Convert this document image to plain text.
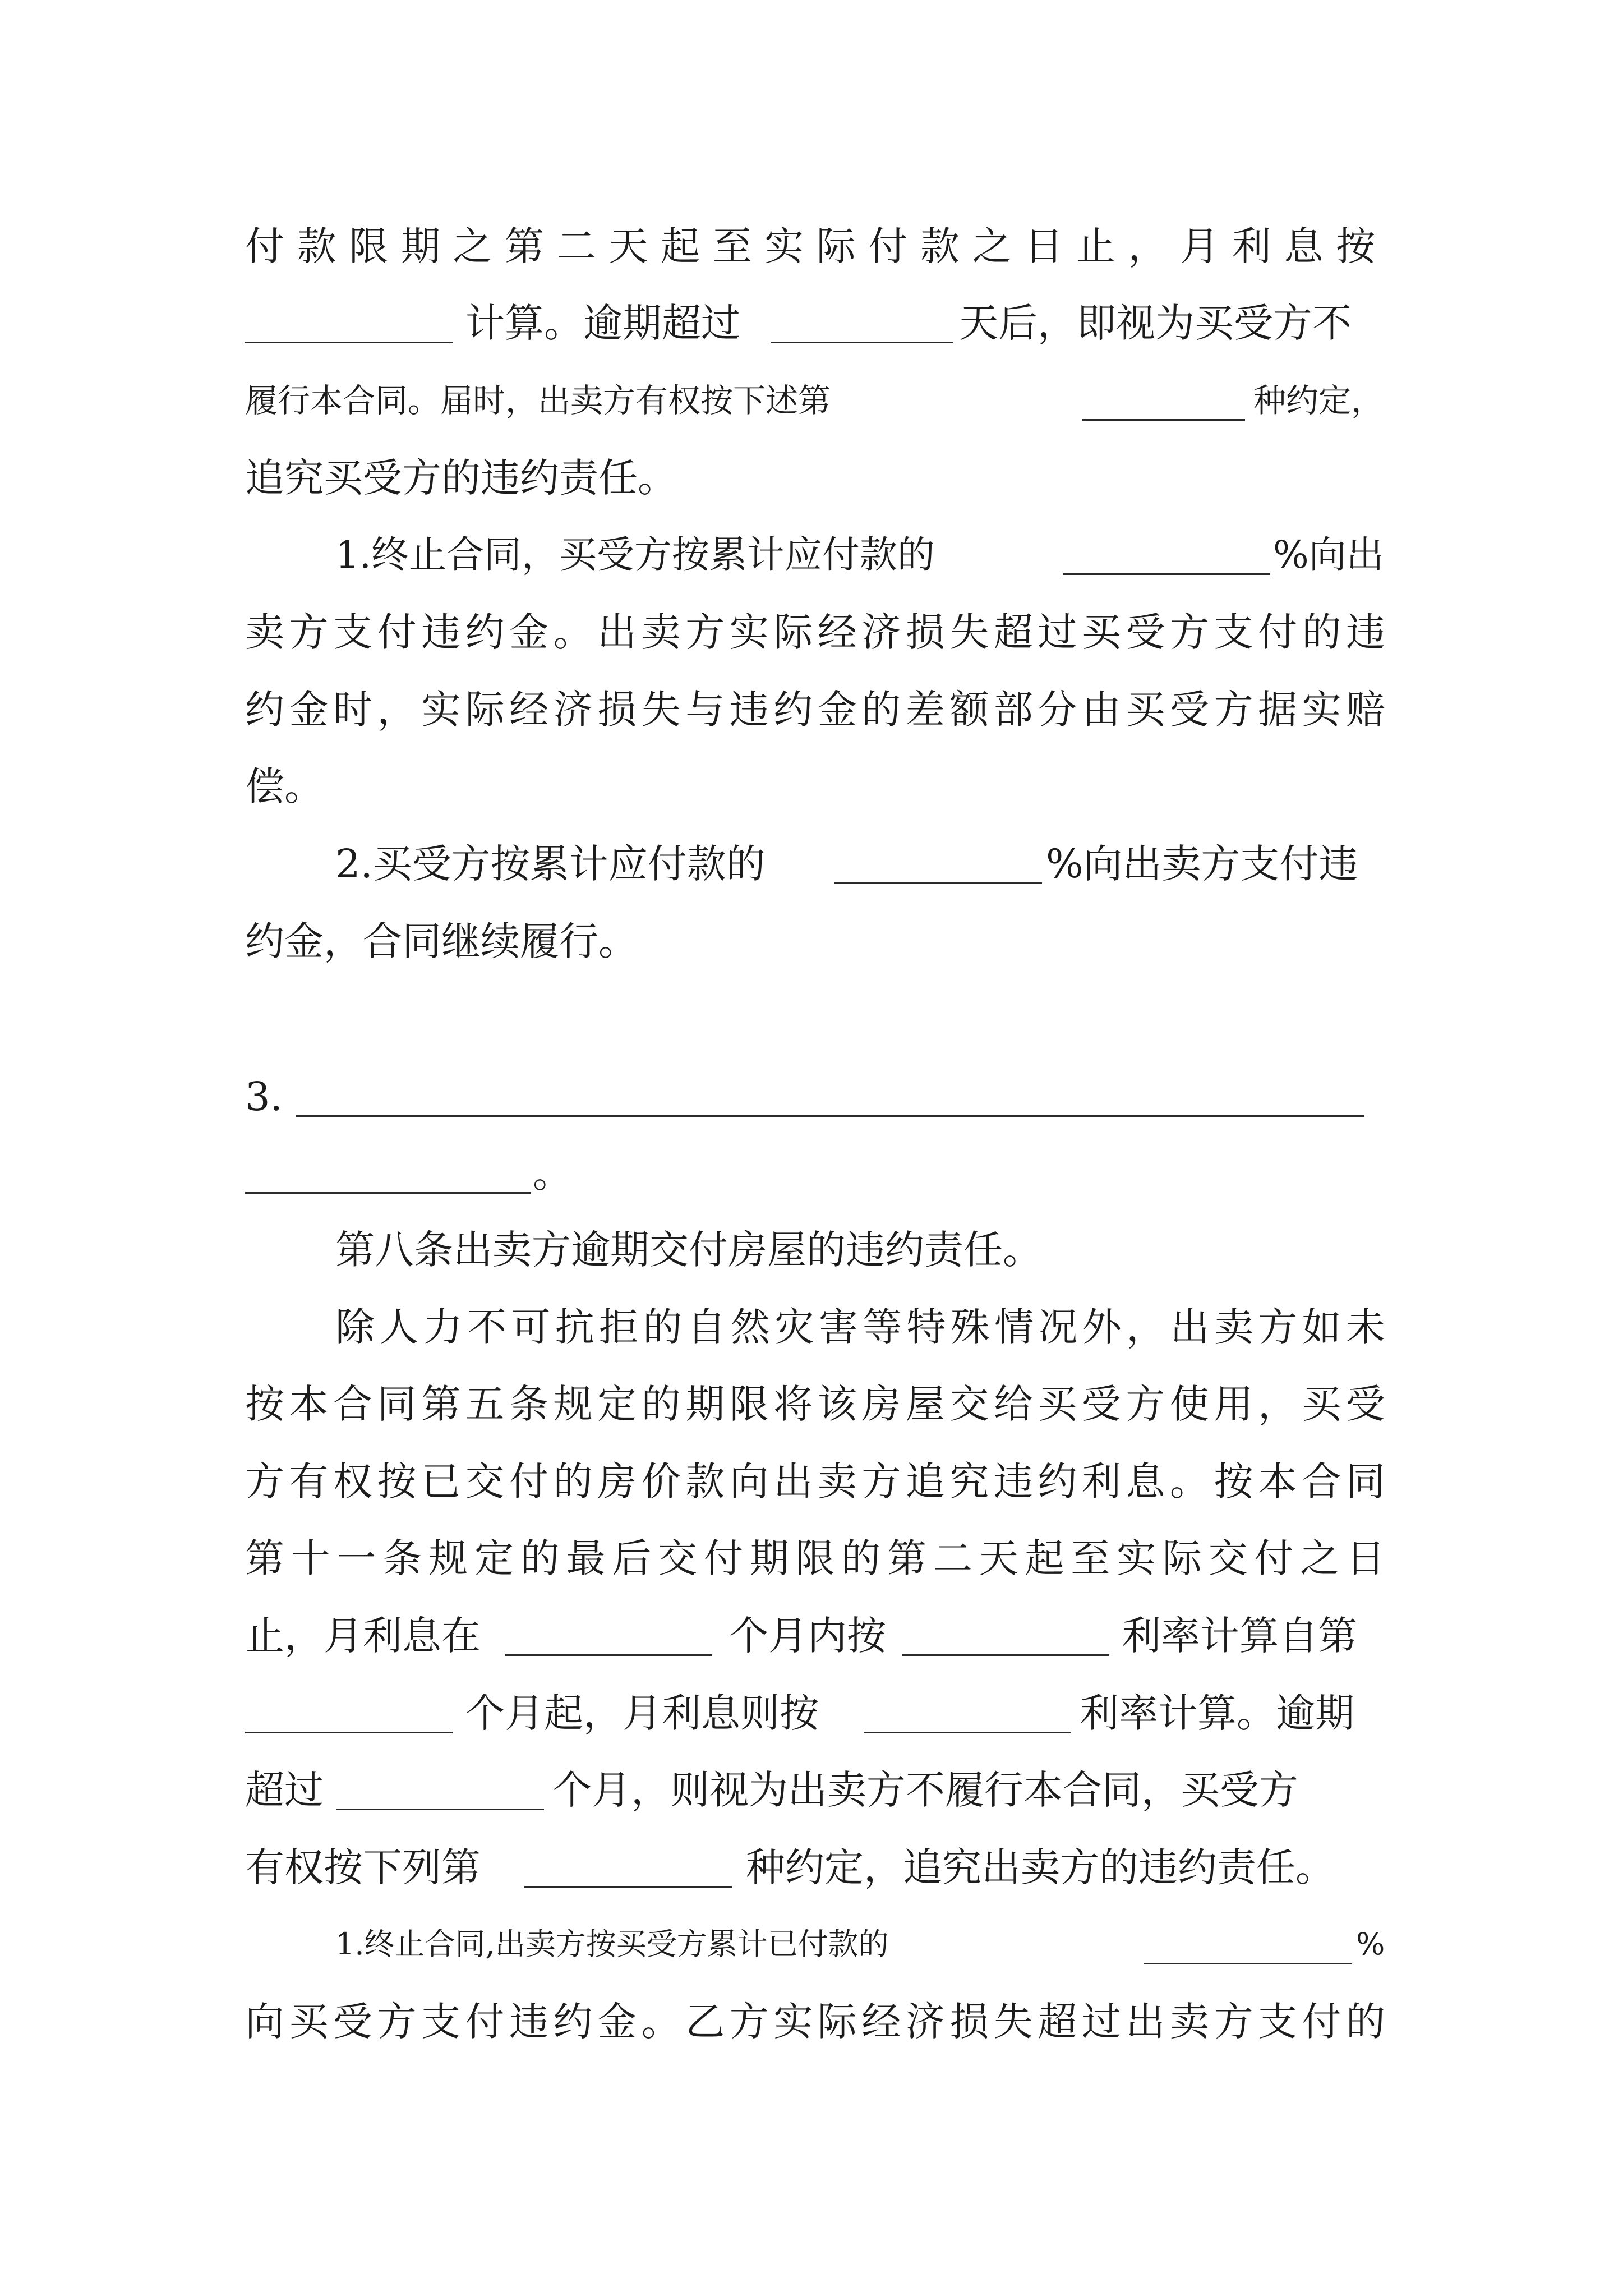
付款限期之第二天起至实际付款之日止，月利息按
计算。逾期超过	天后，即视为买受方不
履行本合同。届时，出卖方有权按下述第	种约定，
追究买受方的违约责任。
1.终止合同，买受方按累计应付款的	%向出
卖方支付违约金。出卖方实际经济损失超过买受方支付的违
约金时，实际经济损失与违约金的差额部分由买受方据实赔
偿。
2.买受方按累计应付款的	%向出卖方支付违
约金，合同继续履行。
3.
。
第八条出卖方逾期交付房屋的违约责任。
除人力不可抗拒的自然灾害等特殊情况外，出卖方如未
按本合同第五条规定的期限将该房屋交给买受方使用，买受
方有权按已交付的房价款向出卖方追究违约利息。按本合同
第十一条规定的最后交付期限的第二天起至实际交付之日
止，月利息在	个月内按	利率计算自第
个月起，月利息则按	利率计算。逾期
超过	个月，则视为出卖方不履行本合同，买受方
有权按下列第	种约定，追究出卖方的违约责任。
1.终止合同,出卖方按买受方累计已付款的	%
向买受方支付违约金。乙方实际经济损失超过出卖方支付的
